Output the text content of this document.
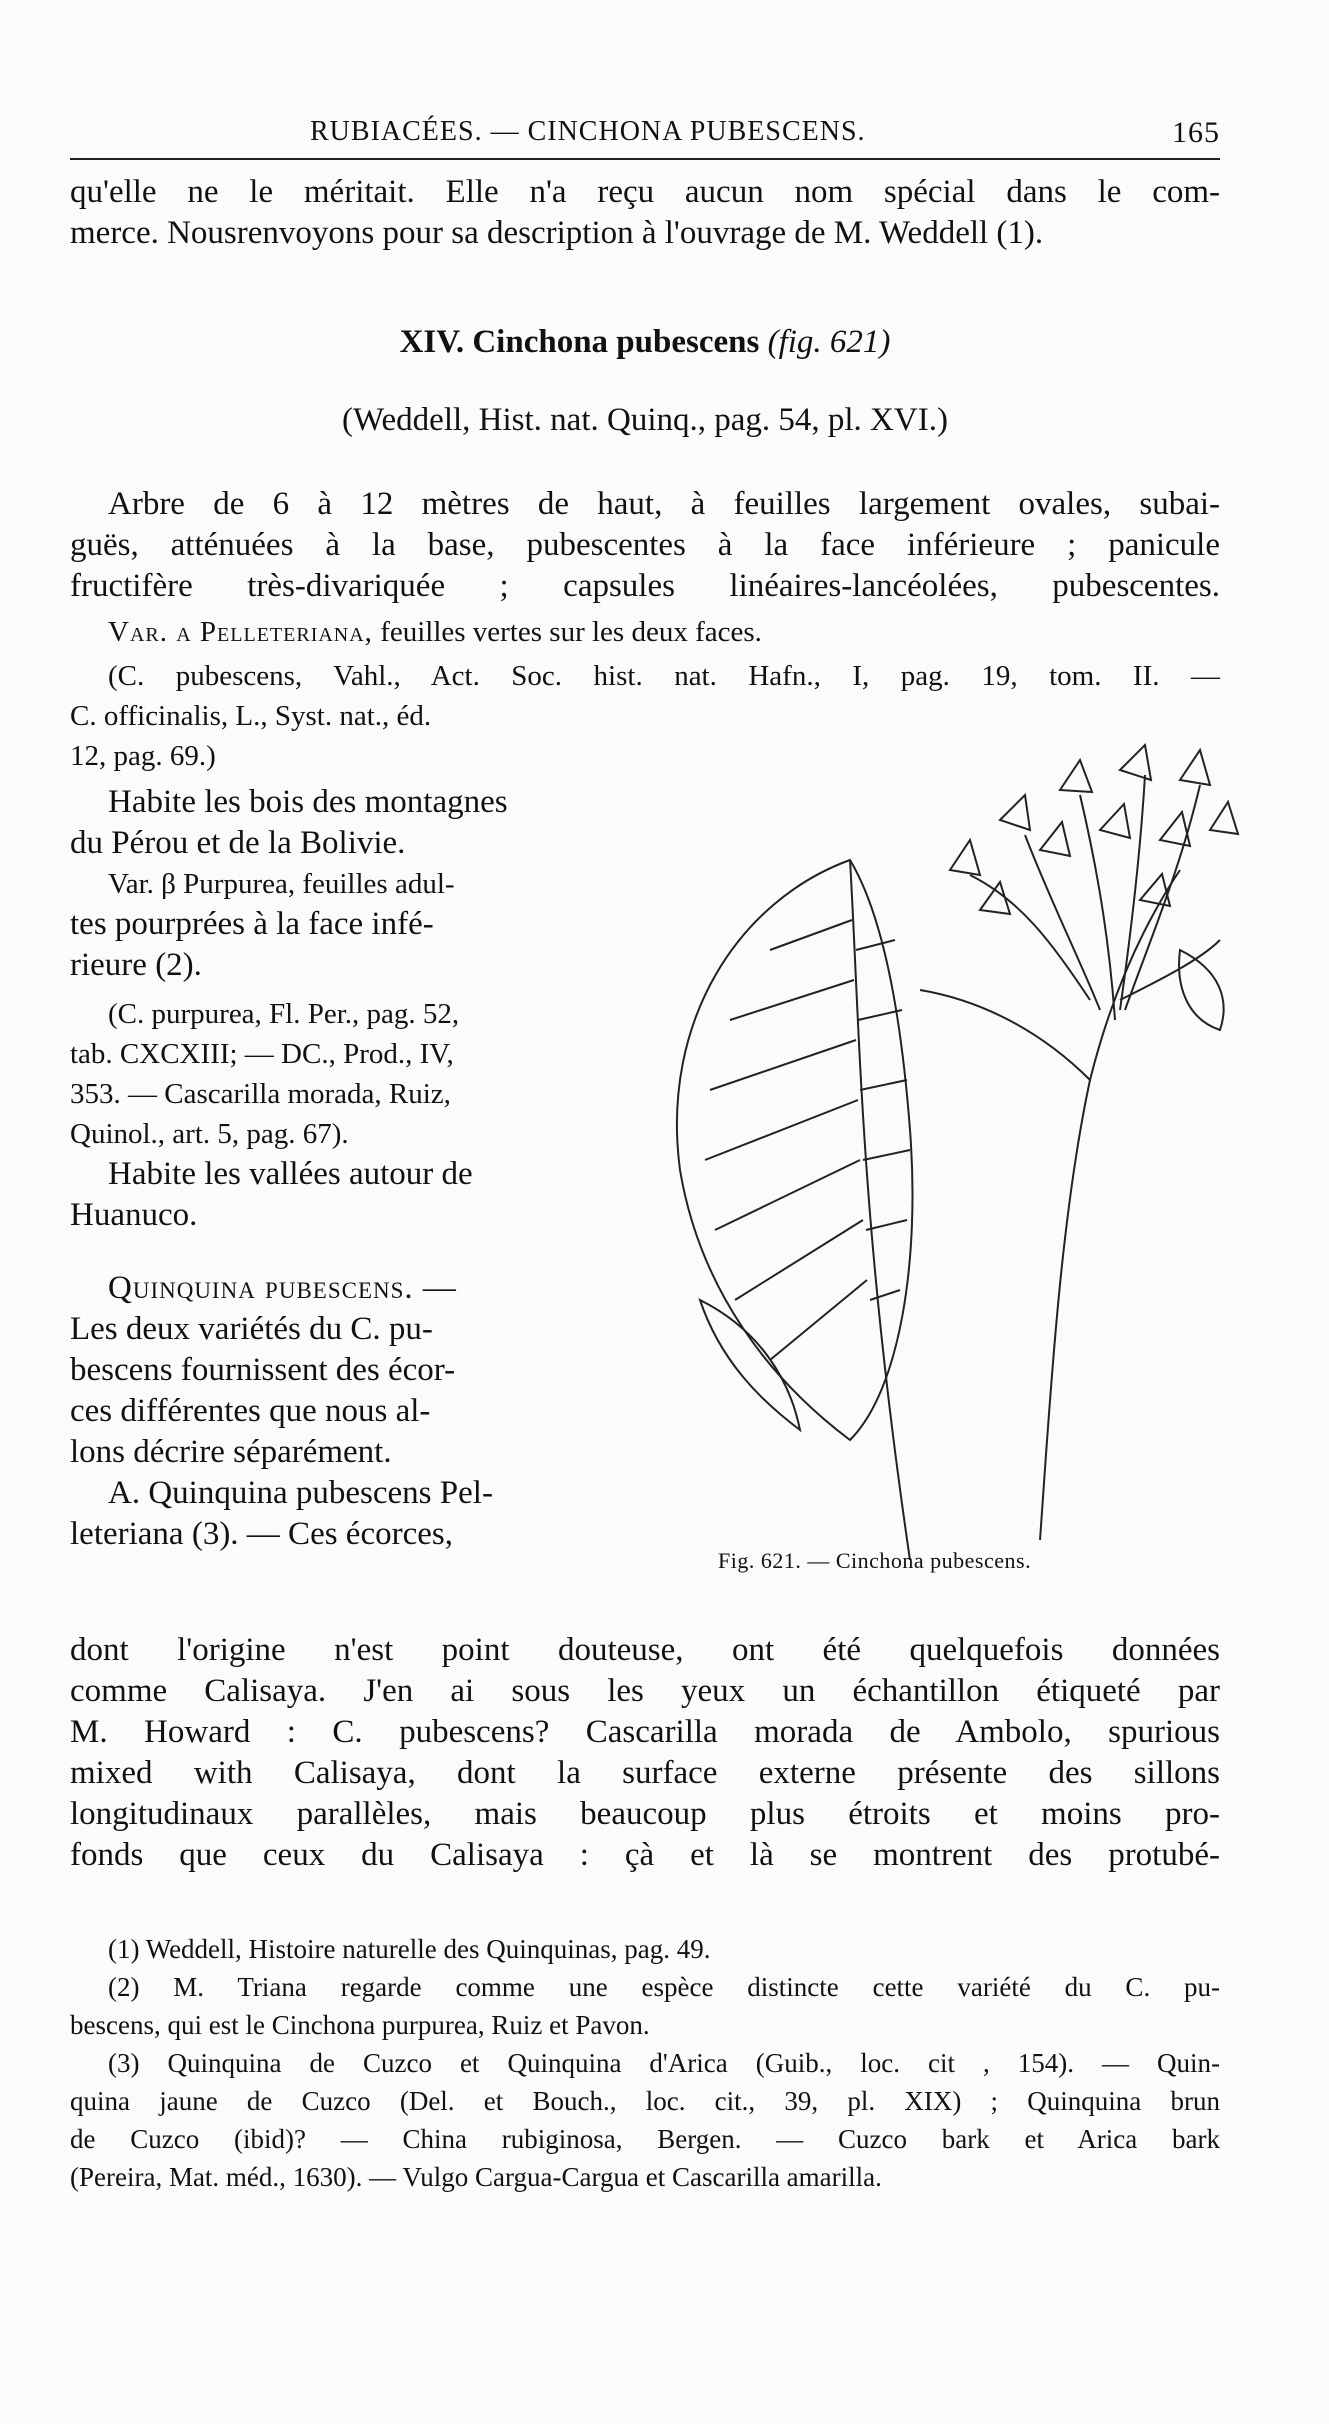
RUBIACÉES. — CINCHONA PUBESCENS.	165
qu'elle ne le méritait. Elle n'a reçu aucun nom spécial dans le com-
merce. Nousrenvoyons pour sa description à l'ouvrage de M. Weddell (1).
XIV. Cinchona pubescens (fig. 621)
(Weddell, Hist. nat. Quinq., pag. 54, pl. XVI.)
Arbre de 6 à 12 mètres de haut, à feuilles largement ovales, subai-
guës, atténuées à la base, pubescentes à la face inférieure ; panicule
fructifère très-divariquée ; capsules linéaires-lancéolées, pubescentes.
Var. α Pelleteriana, feuilles vertes sur les deux faces.
(C. pubescens, Vahl., Act. Soc. hist. nat. Hafn., I, pag. 19, tom. II. —
C. officinalis, L., Syst. nat., éd.
12, pag. 69.)
Habite les bois des montagnes
du Pérou et de la Bolivie.
Var. β Purpurea, feuilles adul-
tes pourprées à la face infé-
rieure (2).
(C. purpurea, Fl. Per., pag. 52,
tab. CXCXIII; — DC., Prod., IV,
353. — Cascarilla morada, Ruiz,
Quinol., art. 5, pag. 67).
Habite les vallées autour de
Huanuco.
Quinquina pubescens. —
Les deux variétés du C. pu-
bescens fournissent des écor-
ces différentes que nous al-
lons décrire séparément.
A. Quinquina pubescens Pel-
leteriana (3). — Ces écorces,
Fig. 621. — Cinchona pubescens.
dont l'origine n'est point douteuse, ont été quelquefois données
comme Calisaya. J'en ai sous les yeux un échantillon étiqueté par
M. Howard : C. pubescens? Cascarilla morada de Ambolo, spurious
mixed with Calisaya, dont la surface externe présente des sillons
longitudinaux parallèles, mais beaucoup plus étroits et moins pro-
fonds que ceux du Calisaya : çà et là se montrent des protubé-
(1) Weddell, Histoire naturelle des Quinquinas, pag. 49.
(2) M. Triana regarde comme une espèce distincte cette variété du C. pu-
bescens, qui est le Cinchona purpurea, Ruiz et Pavon.
(3) Quinquina de Cuzco et Quinquina d'Arica (Guib., loc. cit , 154). — Quin-
quina jaune de Cuzco (Del. et Bouch., loc. cit., 39, pl. XIX) ; Quinquina brun
de Cuzco (ibid)? — China rubiginosa, Bergen. — Cuzco bark et Arica bark
(Pereira, Mat. méd., 1630). — Vulgo Cargua-Cargua et Cascarilla amarilla.
